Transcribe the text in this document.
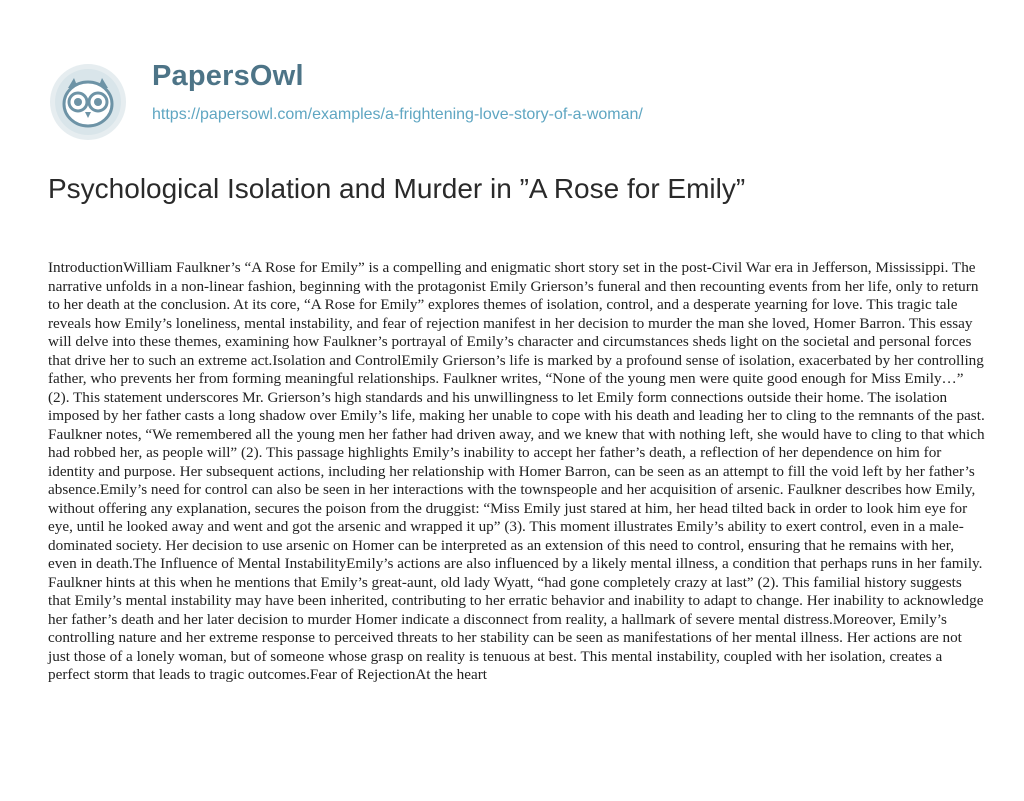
PapersOwl
https://papersowl.com/examples/a-frightening-love-story-of-a-woman/
Psychological Isolation and Murder in ”A Rose for Emily”

IntroductionWilliam Faulkner’s “A Rose for Emily” is a compelling and enigmatic short story set in the post-Civil War era in Jefferson, Mississippi. The narrative unfolds in a non-linear fashion, beginning with the protagonist Emily Grierson’s funeral and then recounting events from her life, only to return to her death at the conclusion. At its core, “A Rose for Emily” explores themes of isolation, control, and a desperate yearning for love. This tragic tale reveals how Emily’s loneliness, mental instability, and fear of rejection manifest in her decision to murder the man she loved, Homer Barron. This essay will delve into these themes, examining how Faulkner’s portrayal of Emily’s character and circumstances sheds light on the societal and personal forces that drive her to such an extreme act.Isolation and ControlEmily Grierson’s life is marked by a profound sense of isolation, exacerbated by her controlling father, who prevents her from forming meaningful relationships. Faulkner writes, “None of the young men were quite good enough for Miss Emily…” (2). This statement underscores Mr. Grierson’s high standards and his unwillingness to let Emily form connections outside their home. The isolation imposed by her father casts a long shadow over Emily’s life, making her unable to cope with his death and leading her to cling to the remnants of the past. Faulkner notes, “We remembered all the young men her father had driven away, and we knew that with nothing left, she would have to cling to that which had robbed her, as people will” (2). This passage highlights Emily’s inability to accept her father’s death, a reflection of her dependence on him for identity and purpose. Her subsequent actions, including her relationship with Homer Barron, can be seen as an attempt to fill the void left by her father’s absence.Emily’s need for control can also be seen in her interactions with the townspeople and her acquisition of arsenic. Faulkner describes how Emily, without offering any explanation, secures the poison from the druggist: “Miss Emily just stared at him, her head tilted back in order to look him eye for eye, until he looked away and went and got the arsenic and wrapped it up” (3). This moment illustrates Emily’s ability to exert control, even in a male-dominated society. Her decision to use arsenic on Homer can be interpreted as an extension of this need to control, ensuring that he remains with her, even in death.The Influence of Mental InstabilityEmily’s actions are also influenced by a likely mental illness, a condition that perhaps runs in her family. Faulkner hints at this when he mentions that Emily’s great-aunt, old lady Wyatt, “had gone completely crazy at last” (2). This familial history suggests that Emily’s mental instability may have been inherited, contributing to her erratic behavior and inability to adapt to change. Her inability to acknowledge her father’s death and her later decision to murder Homer indicate a disconnect from reality, a hallmark of severe mental distress.Moreover, Emily’s controlling nature and her extreme response to perceived threats to her stability can be seen as manifestations of her mental illness. Her actions are not just those of a lonely woman, but of someone whose grasp on reality is tenuous at best. This mental instability, coupled with her isolation, creates a perfect storm that leads to tragic outcomes.Fear of RejectionAt the heart
